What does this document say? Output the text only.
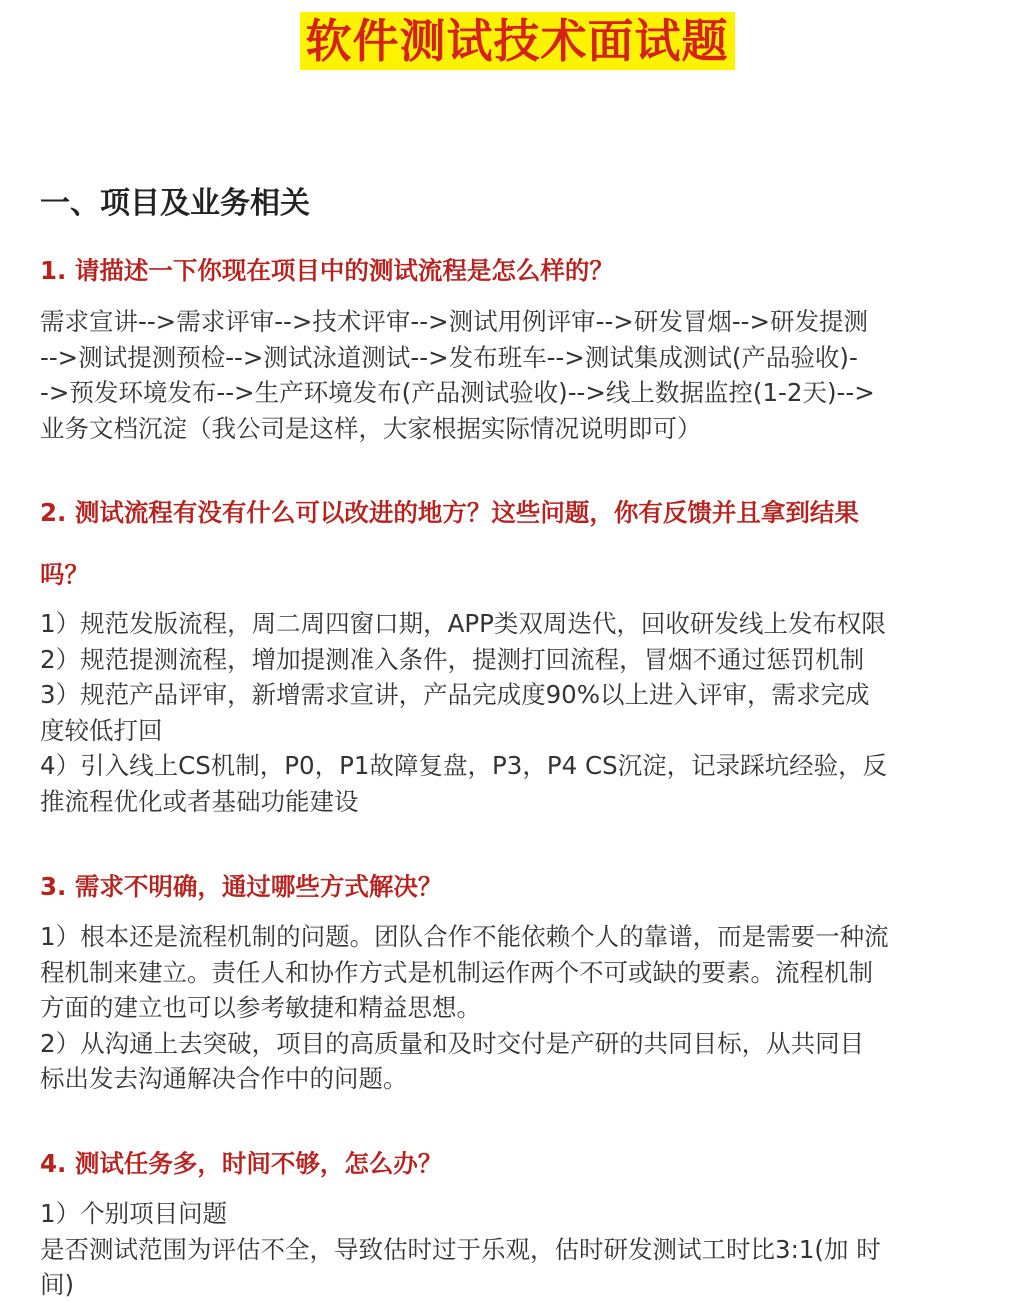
软件测试技术面试题
一、项目及业务相关
1. 请描述一下你现在项目中的测试流程是怎么样的？
需求宣讲-->需求评审-->技术评审-->测试用例评审-->研发冒烟-->研发提测
-->测试提测预检-->测试泳道测试-->发布班车-->测试集成测试(产品验收)-
->预发环境发布-->生产环境发布(产品测试验收)-->线上数据监控(1-2天)-->
业务文档沉淀（我公司是这样，大家根据实际情况说明即可）
2. 测试流程有没有什么可以改进的地方？这些问题，你有反馈并且拿到结果
吗？
1）规范发版流程，周二周四窗口期，APP类双周迭代，回收研发线上发布权限
2）规范提测流程，增加提测准入条件，提测打回流程，冒烟不通过惩罚机制
3）规范产品评审，新增需求宣讲，产品完成度90%以上进入评审，需求完成
度较低打回
4）引入线上CS机制，P0，P1故障复盘，P3，P4 CS沉淀，记录踩坑经验，反
推流程优化或者基础功能建设
3. 需求不明确，通过哪些方式解决？
1）根本还是流程机制的问题。团队合作不能依赖个人的靠谱，而是需要一种流
程机制来建立。责任人和协作方式是机制运作两个不可或缺的要素。流程机制
方面的建立也可以参考敏捷和精益思想。
2）从沟通上去突破，项目的高质量和及时交付是产研的共同目标，从共同目
标出发去沟通解决合作中的问题。
4. 测试任务多，时间不够，怎么办？
1）个别项目问题
是否测试范围为评估不全，导致估时过于乐观，估时研发测试工时比3:1(加 时
间)
